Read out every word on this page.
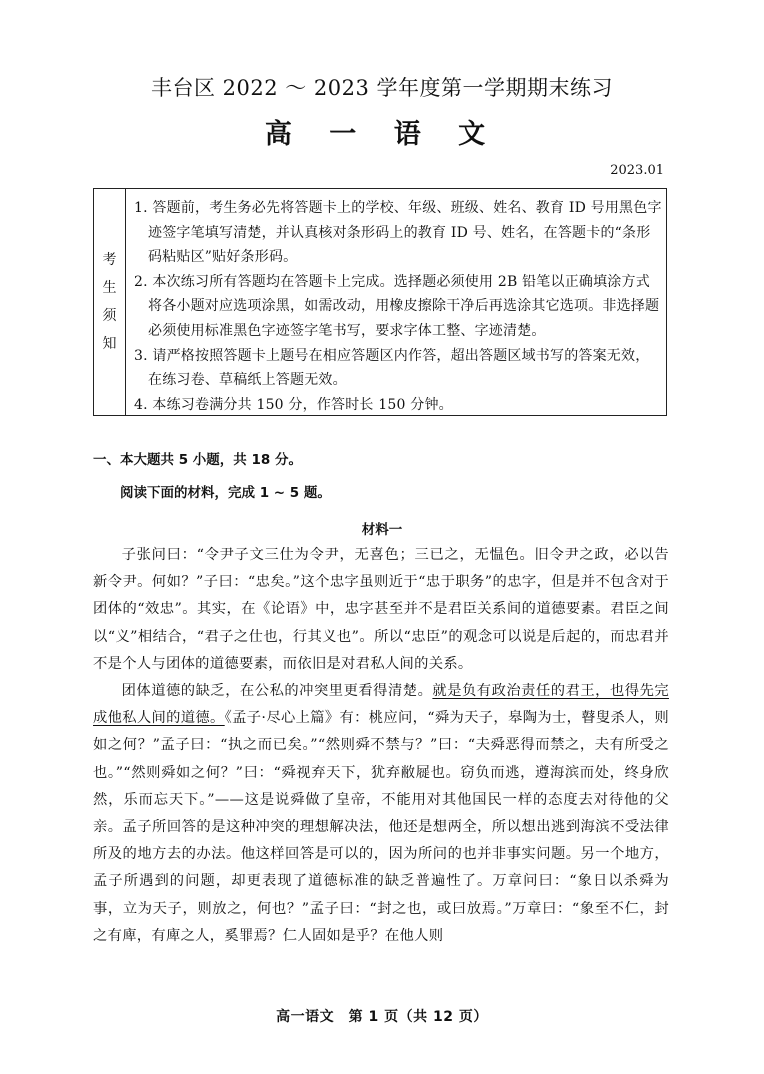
丰台区 2022 ～ 2023 学年度第一学期期末练习
高 一 语 文
2023.01
考
生
须
知
1. 答题前，考生务必先将答题卡上的学校、年级、班级、姓名、教育 ID 号用黑色字迹签字笔填写清楚，并认真核对条形码上的教育 ID 号、姓名，在答题卡的“条形码粘贴区”贴好条形码。
2. 本次练习所有答题均在答题卡上完成。选择题必须使用 2B 铅笔以正确填涂方式将各小题对应选项涂黑，如需改动，用橡皮擦除干净后再选涂其它选项。非选择题必须使用标准黑色字迹签字笔书写，要求字体工整、字迹清楚。
3. 请严格按照答题卡上题号在相应答题区内作答，超出答题区域书写的答案无效，在练习卷、草稿纸上答题无效。
4. 本练习卷满分共 150 分，作答时长 150 分钟。
一、本大题共 5 小题，共 18 分。
阅读下面的材料，完成 1 ~ 5 题。
材料一

子张问曰：“令尹子文三仕为令尹，无喜色；三已之，无愠色。旧令尹之政，必以告新令尹。何如？”子曰：“忠矣。”这个忠字虽则近于“忠于职务”的忠字，但是并不包含对于团体的“效忠”。其实，在《论语》中，忠字甚至并不是君臣关系间的道德要素。君臣之间以“义”相结合，“君子之仕也，行其义也”。所以“忠臣”的观念可以说是后起的，而忠君并不是个人与团体的道德要素，而依旧是对君私人间的关系。

团体道德的缺乏，在公私的冲突里更看得清楚。就是负有政治责任的君王，也得先完成他私人间的道德。《孟子·尽心上篇》有：桃应问，“舜为天子，皋陶为士，瞽叟杀人，则如之何？”孟子曰：“执之而已矣。”“然则舜不禁与？”曰：“夫舜恶得而禁之，夫有所受之也。”“然则舜如之何？”曰：“舜视弃天下，犹弃敝屣也。窃负而逃，遵海滨而处，终身欣然，乐而忘天下。”——这是说舜做了皇帝，不能用对其他国民一样的态度去对待他的父亲。孟子所回答的是这种冲突的理想解决法，他还是想两全，所以想出逃到海滨不受法律所及的地方去的办法。他这样回答是可以的，因为所问的也并非事实问题。另一个地方，孟子所遇到的问题，却更表现了道德标准的缺乏普遍性了。万章问曰：“象日以杀舜为事，立为天子，则放之，何也？”孟子曰：“封之也，或曰放焉。”万章曰：“象至不仁，封之有庳，有庳之人，奚罪焉？仁人固如是乎？在他人则

高一语文　第 1 页（共 12 页）
